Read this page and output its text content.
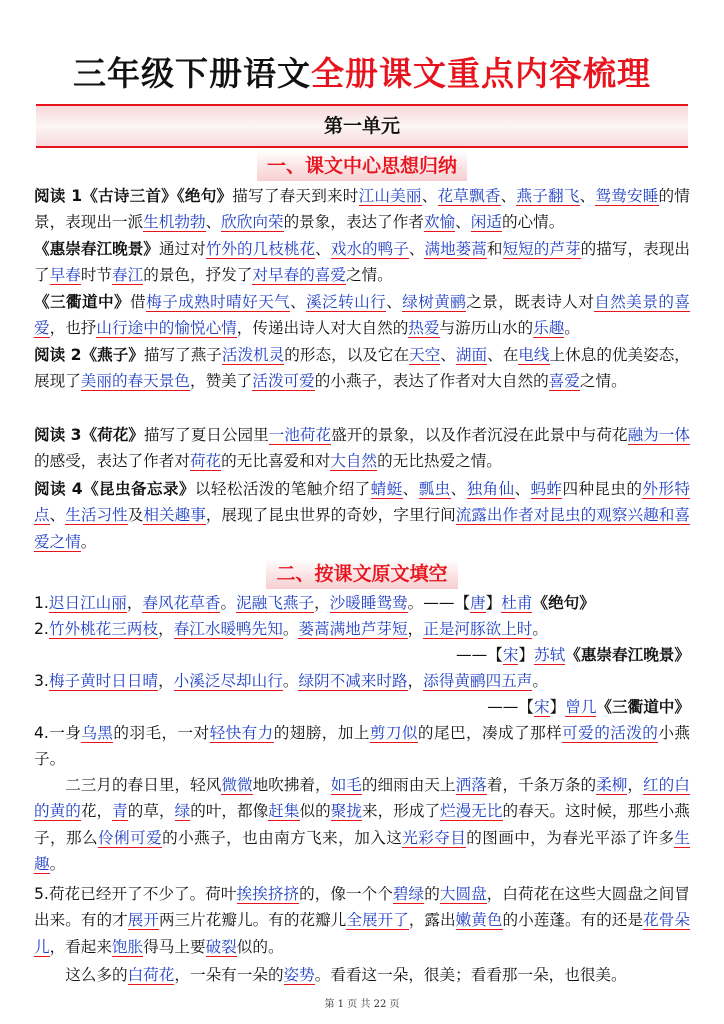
三年级下册语文全册课文重点内容梳理
第一单元
一、课文中心思想归纳
二、按课文原文填空
阅读 1《古诗三首》《绝句》描写了春天到来时江山美丽、花草飘香、燕子翻飞、鸳鸯安睡的情景，表现出一派生机勃勃、欣欣向荣的景象，表达了作者欢愉、闲适的心情。
《惠崇春江晚景》通过对竹外的几枝桃花、戏水的鸭子、满地蒌蒿和短短的芦芽的描写，表现出了早春时节春江的景色，抒发了对早春的喜爱之情。
《三衢道中》借梅子成熟时晴好天气、溪泛转山行、绿树黄鹂之景，既表诗人对自然美景的喜爱，也抒山行途中的愉悦心情，传递出诗人对大自然的热爱与游历山水的乐趣。
阅读 2《燕子》描写了燕子活泼机灵的形态，以及它在天空、湖面、在电线上休息的优美姿态，展现了美丽的春天景色，赞美了活泼可爱的小燕子，表达了作者对大自然的喜爱之情。
阅读 3《荷花》描写了夏日公园里一池荷花盛开的景象，以及作者沉浸在此景中与荷花融为一体的感受，表达了作者对荷花的无比喜爱和对大自然的无比热爱之情。
阅读 4《昆虫备忘录》以轻松活泼的笔触介绍了蜻蜓、瓢虫、独角仙、蚂蚱四种昆虫的外形特点、生活习性及相关趣事，展现了昆虫世界的奇妙，字里行间流露出作者对昆虫的观察兴趣和喜爱之情。
1.迟日江山丽，春风花草香。泥融飞燕子，沙暖睡鸳鸯。——【唐】杜甫《绝句》
2.竹外桃花三两枝，春江水暖鸭先知。蒌蒿满地芦芽短，正是河豚欲上时。
——【宋】苏轼《惠崇春江晚景》
3.梅子黄时日日晴，小溪泛尽却山行。绿阴不减来时路，添得黄鹂四五声。
——【宋】曾几《三衢道中》
4.一身乌黑的羽毛，一对轻快有力的翅膀，加上剪刀似的尾巴，凑成了那样可爱的活泼的小燕子。
二三月的春日里，轻风微微地吹拂着，如毛的细雨由天上洒落着，千条万条的柔柳，红的白的黄的花，青的草，绿的叶，都像赶集似的聚拢来，形成了烂漫无比的春天。这时候，那些小燕子，那么伶俐可爱的小燕子，也由南方飞来，加入这光彩夺目的图画中，为春光平添了许多生趣。
5.荷花已经开了不少了。荷叶挨挨挤挤的，像一个个碧绿的大圆盘，白荷花在这些大圆盘之间冒出来。有的才展开两三片花瓣儿。有的花瓣儿全展开了，露出嫩黄色的小莲蓬。有的还是花骨朵儿，看起来饱胀得马上要破裂似的。
这么多的白荷花，一朵有一朵的姿势。看看这一朵，很美；看看那一朵，也很美。
第 1 页 共 22 页
